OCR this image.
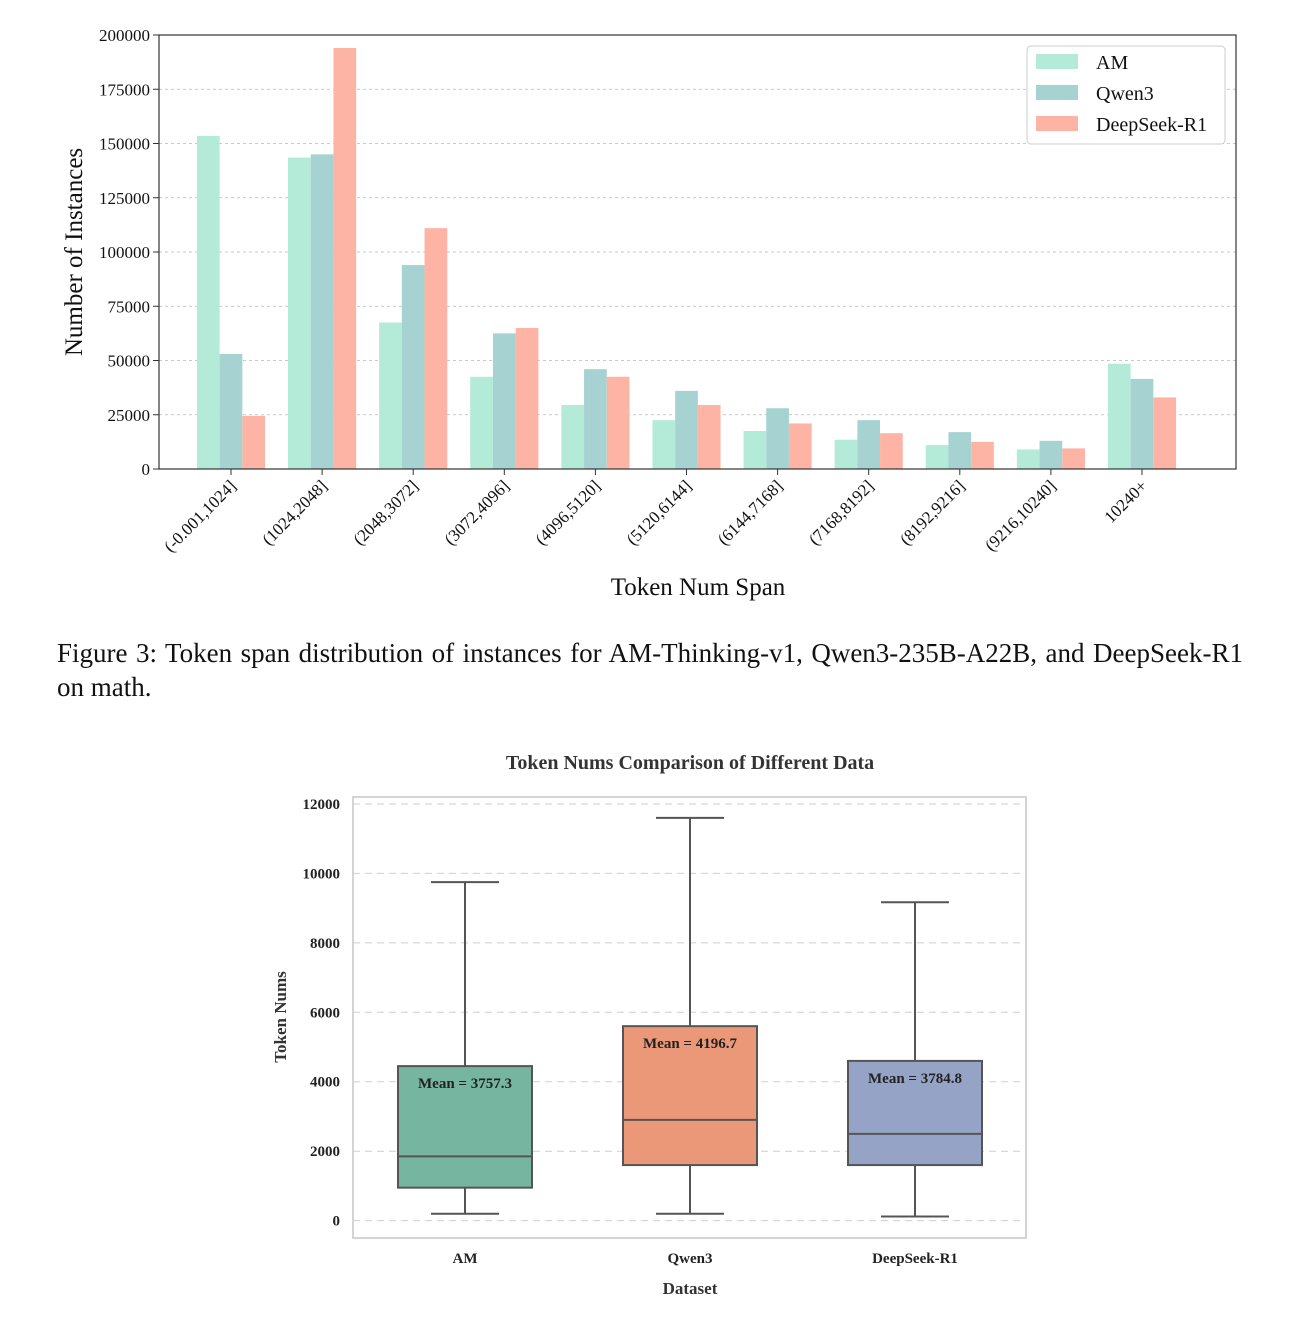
0
25000
50000
75000
100000
125000
150000
175000
200000
(-0.001,1024] (1024,2048] (2048,3072] (3072,4096] (4096,5120] (5120,6144] (6144,7168] (7168,8192] (8192,9216] (9216,10240] 10240+
Token Num Span
Number of Instances
AM
Qwen3
DeepSeek-R1
Figure 3: Token span distribution of instances for AM-Thinking-v1, Qwen3-235B-A22B, and DeepSeek-R1 on math.
Token Nums Comparison of Different Data
0
2000
4000
6000
8000
10000
12000
Mean = 3757.3
AM
Mean = 4196.7
Qwen3
Mean = 3784.8
DeepSeek-R1
Dataset
Token Nums
